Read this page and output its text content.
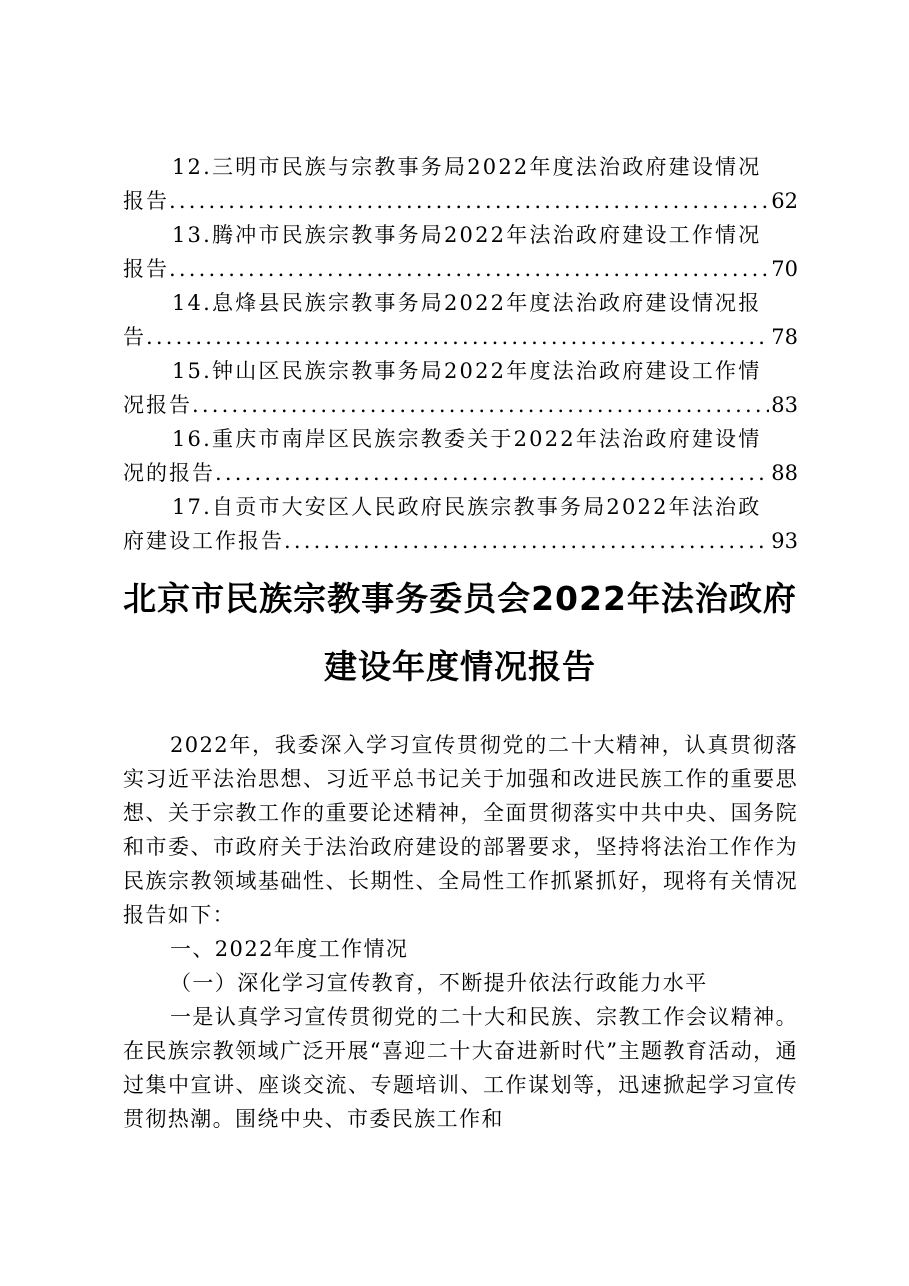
12.三明市民族与宗教事务局2022年度法治政府建设情况

报告 .....	62

13.腾冲市民族宗教事务局2022年法治政府建设工作情况

报告 .....	70

14.息烽县民族宗教事务局2022年度法治政府建设情况报

告 .....	78

15.钟山区民族宗教事务局2022年度法治政府建设工作情

况报告 .....	83

16.重庆市南岸区民族宗教委关于2022年法治政府建设情

况的报告 .....	88

17.自贡市大安区人民政府民族宗教事务局2022年法治政

府建设工作报告 .....	93

北京市民族宗教事务委员会2022年法治政府
建设年度情况报告

2022年，我委深入学习宣传贯彻党的二十大精神，认真贯彻落实习近平法治思想、习近平总书记关于加强和改进民族工作的重要思想、关于宗教工作的重要论述精神，全面贯彻落实中共中央、国务院和市委、市政府关于法治政府建设的部署要求，坚持将法治工作作为民族宗教领域基础性、长期性、全局性工作抓紧抓好，现将有关情况报告如下：

一、2022年度工作情况

（一）深化学习宣传教育，不断提升依法行政能力水平

一是认真学习宣传贯彻党的二十大和民族、宗教工作会议精神。在民族宗教领域广泛开展“喜迎二十大奋进新时代”主题教育活动，通过集中宣讲、座谈交流、专题培训、工作谋划等，迅速掀起学习宣传贯彻热潮。围绕中央、市委民族工作和
